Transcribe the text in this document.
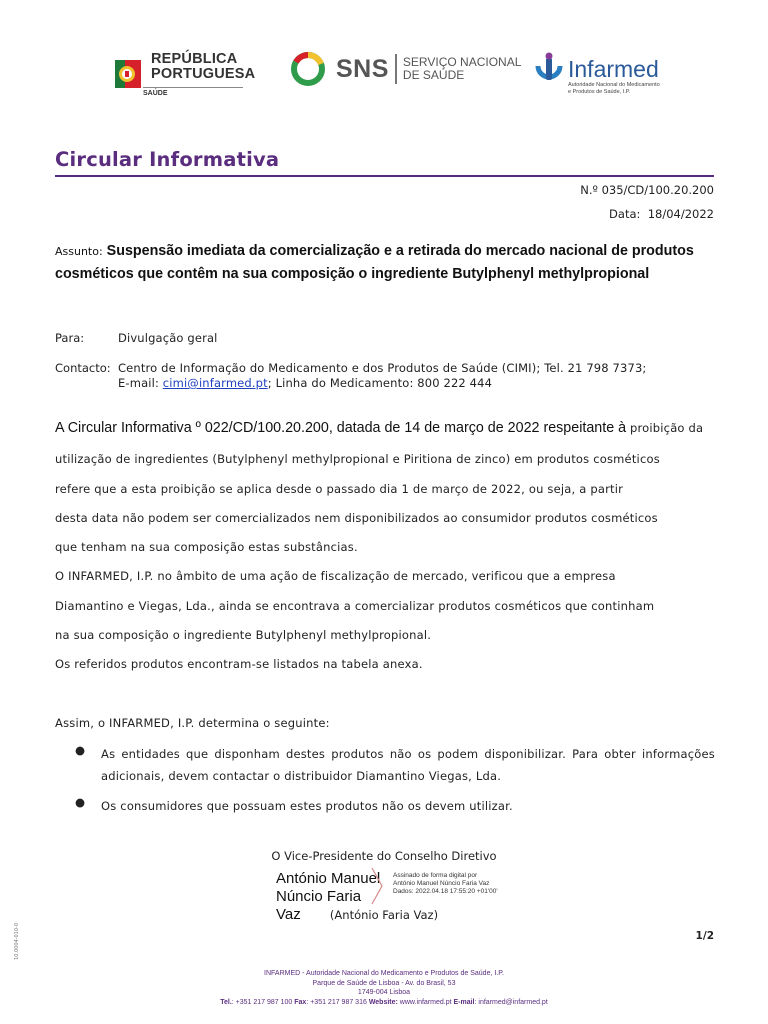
REPÚBLICA
PORTUGUESA
SAÚDE
SNS SERVIÇO NACIONAL
DE SAÚDE	Infarmed
Autoridade Nacional do Medicamento
e Produtos de Saúde, I.P.
Circular Informativa
N.º 035/CD/100.20.200
Data: 18/04/2022
Assunto: Suspensão imediata da comercialização e a retirada do mercado nacional de produtos cosméticos que contêm na sua composição o ingrediente Butylphenyl methylpropional
Para:	Divulgação geral
Contacto: Centro de Informação do Medicamento e dos Produtos de Saúde (CIMI); Tel. 21 798 7373;
E-mail: cimi@infarmed.pt; Linha do Medicamento: 800 222 444
A Circular Informativa º 022/CD/100.20.200, datada de 14 de março de 2022 respeitante à proibição da
utilização de ingredientes (Butylphenyl methylpropional e Piritiona de zinco) em produtos cosméticos
refere que a esta proibição se aplica desde o passado dia 1 de março de 2022, ou seja, a partir
desta data não podem ser comercializados nem disponibilizados ao consumidor produtos cosméticos
que tenham na sua composição estas substâncias.
O INFARMED, I.P. no âmbito de uma ação de fiscalização de mercado, verificou que a empresa
Diamantino e Viegas, Lda., ainda se encontrava a comercializar produtos cosméticos que continham
na sua composição o ingrediente Butylphenyl methylpropional.
Os referidos produtos encontram-se listados na tabela anexa.
Assim, o INFARMED, I.P. determina o seguinte:
● As entidades que disponham destes produtos não os podem disponibilizar. Para obter informações adicionais, devem contactar o distribuidor Diamantino Viegas, Lda.
● Os consumidores que possuam estes produtos não os devem utilizar.
O Vice-Presidente do Conselho Diretivo
António Manuel
Núncio Faria Vaz
Assinado de forma digital por
António Manuel Núncio Faria Vaz
Dados: 2022.04.18 17:55:20 +01'00'
(António Faria Vaz)
1/2
10.0004-010-0
INFARMED - Autoridade Nacional do Medicamento e Produtos de Saúde, I.P.
Parque de Saúde de Lisboa - Av. do Brasil, 53
1749-004 Lisboa
Tel.: +351 217 987 100 Fax: +351 217 987 316 Website: www.infarmed.pt E-mail: infarmed@infarmed.pt
